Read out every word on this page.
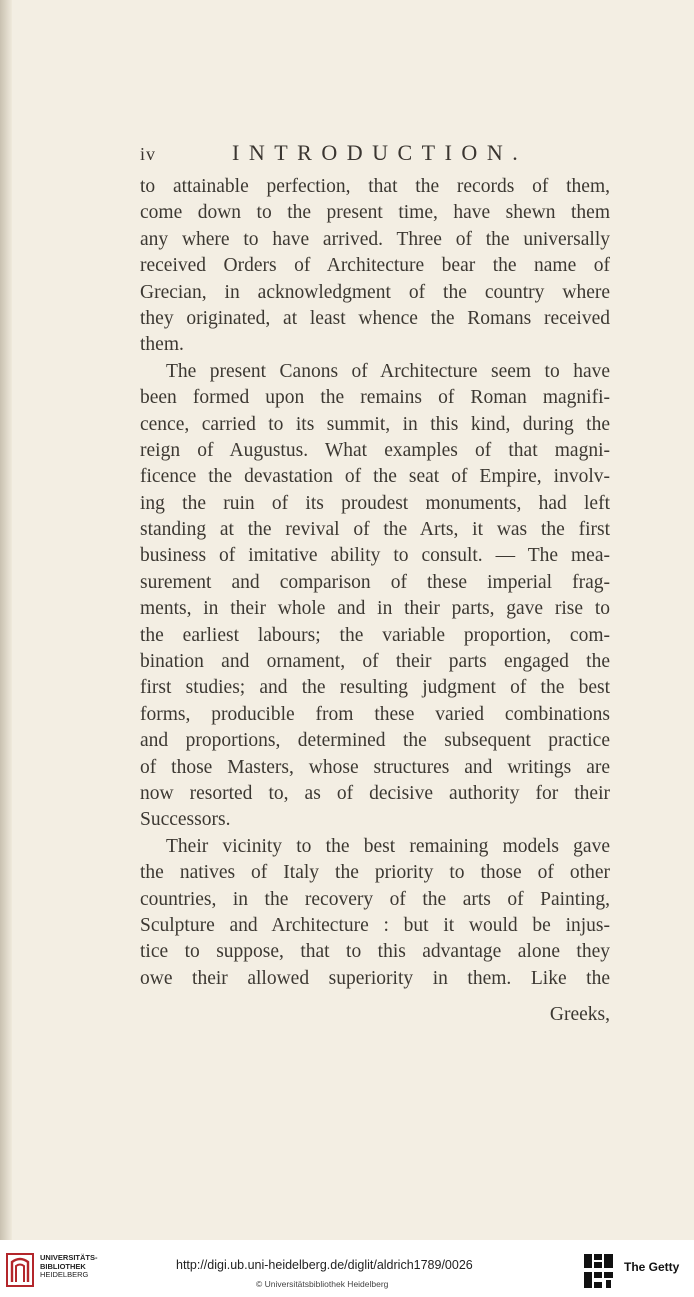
iv	INTRODUCTION.
to attainable perfection, that the records of them,
come down to the present time, have shewn them
any where to have arrived. Three of the universally
received Orders of Architecture bear the name of
Grecian, in acknowledgment of the country where
they originated, at least whence the Romans received
them.
The present Canons of Architecture seem to have
been formed upon the remains of Roman magnifi-
cence, carried to its summit, in this kind, during the
reign of Augustus. What examples of that magni-
ficence the devastation of the seat of Empire, involv-
ing the ruin of its proudest monuments, had left
standing at the revival of the Arts, it was the first
business of imitative ability to consult. — The mea-
surement and comparison of these imperial frag-
ments, in their whole and in their parts, gave rise to
the earliest labours; the variable proportion, com-
bination and ornament, of their parts engaged the
first studies; and the resulting judgment of the best
forms, producible from these varied combinations
and proportions, determined the subsequent practice
of those Masters, whose structures and writings are
now resorted to, as of decisive authority for their
Successors.
Their vicinity to the best remaining models gave
the natives of Italy the priority to those of other
countries, in the recovery of the arts of Painting,
Sculpture and Architecture : but it would be injus-
tice to suppose, that to this advantage alone they
owe their allowed superiority in them. Like the
Greeks,
UNIVERSITÄTS-
BIBLIOTHEK
HEIDELBERG
http://digi.ub.uni-heidelberg.de/diglit/aldrich1789/0026
© Universitätsbibliothek Heidelberg
The Getty
